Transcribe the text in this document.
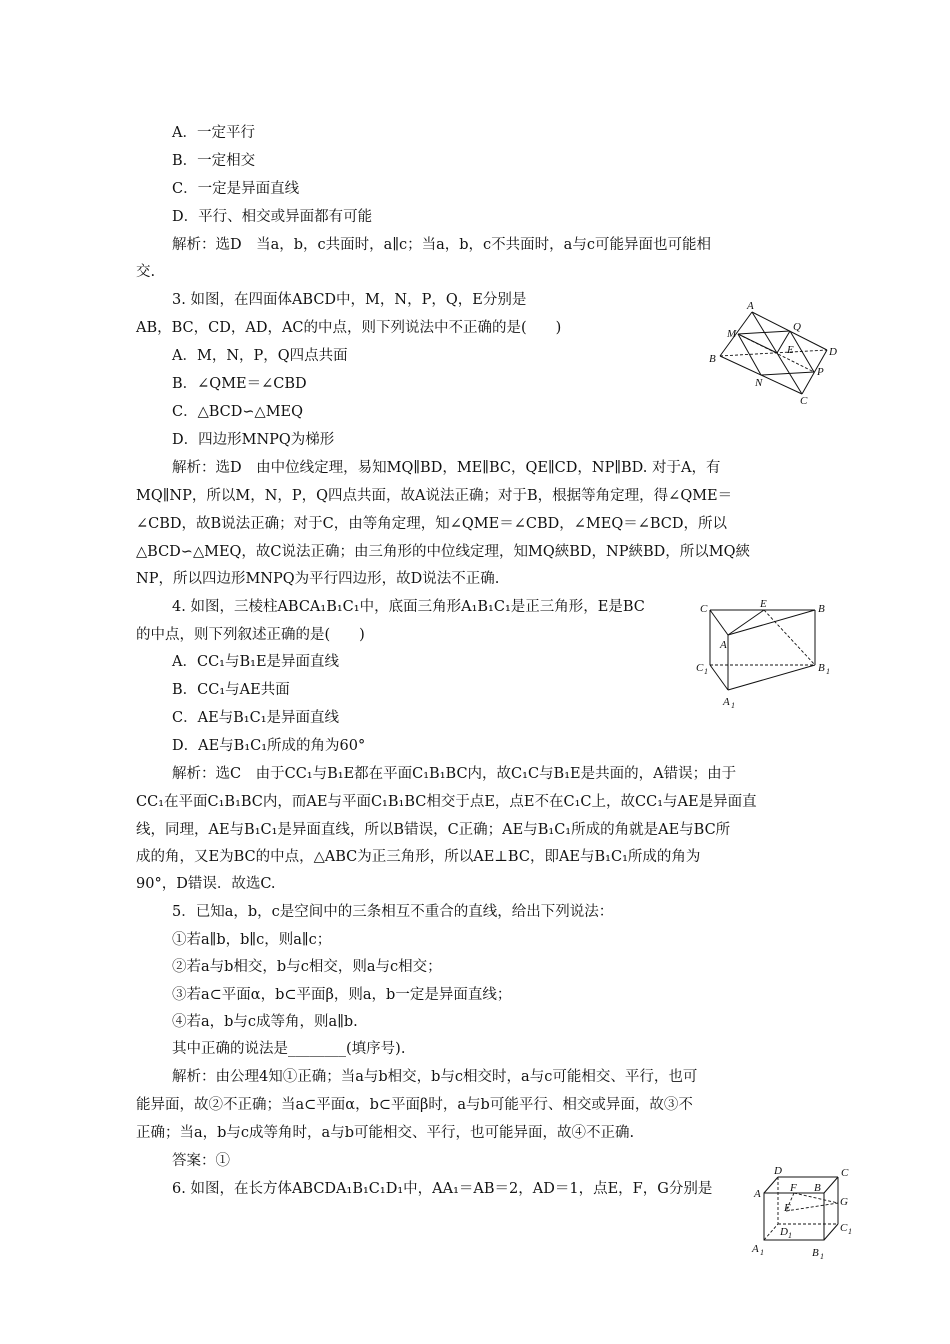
A．一定平行
B．一定相交
C．一定是异面直线
D．平行、相交或异面都有可能
解析：选D　当a，b，c共面时，a∥c；当a，b，c不共面时，a与c可能异面也可能相
交.
3. 如图，在四面体ABCD中，M，N，P，Q，E分别是
AB，BC，CD，AD，AC的中点，则下列说法中不正确的是(　　)
A．M，N，P，Q四点共面
B．∠QME＝∠CBD
C．△BCD∽△MEQ
D．四边形MNPQ为梯形
解析：选D　由中位线定理，易知MQ∥BD，ME∥BC，QE∥CD，NP∥BD. 对于A，有
MQ∥NP，所以M，N，P，Q四点共面，故A说法正确；对于B，根据等角定理，得∠QME＝
∠CBD，故B说法正确；对于C，由等角定理，知∠QME＝∠CBD，∠MEQ＝∠BCD，所以
△BCD∽△MEQ，故C说法正确；由三角形的中位线定理，知MQ綊BD，NP綊BD，所以MQ綊
NP，所以四边形MNPQ为平行四边形，故D说法不正确.
A
M
Q
E	D
B
P
N
C
4. 如图，三棱柱ABCA₁B₁C₁中，底面三角形A₁B₁C₁是正三角形，E是BC
的中点，则下列叙述正确的是(　　)
A．CC₁与B₁E是异面直线
B．CC₁与AE共面
C．AE与B₁C₁是异面直线
D．AE与B₁C₁所成的角为60°
解析：选C　由于CC₁与B₁E都在平面C₁B₁BC内，故C₁C与B₁E是共面的，A错误；由于
CC₁在平面C₁B₁BC内，而AE与平面C₁B₁BC相交于点E，点E不在C₁C上，故CC₁与AE是异面直
线，同理，AE与B₁C₁是异面直线，所以B错误，C正确；AE与B₁C₁所成的角就是AE与BC所
成的角，又E为BC的中点，△ABC为正三角形，所以AE⊥BC，即AE与B₁C₁所成的角为
90°，D错误．故选C.
C	E	B
A
C 1	B 1
A 1
5．已知a，b，c是空间中的三条相互不重合的直线，给出下列说法：
①若a∥b，b∥c，则a∥c；
②若a与b相交，b与c相交，则a与c相交；
③若a⊂平面α，b⊂平面β，则a，b一定是异面直线；
④若a，b与c成等角，则a∥b.
其中正确的说法是________(填序号).
解析：由公理4知①正确；当a与b相交，b与c相交时，a与c可能相交、平行，也可
能异面，故②不正确；当a⊂平面α，b⊂平面β时，a与b可能平行、相交或异面，故③不
正确；当a，b与c成等角时，a与b可能相交、平行，也可能异面，故④不正确.
答案：①
6. 如图，在长方体ABCDA₁B₁C₁D₁中，AA₁＝AB＝2，AD＝1，点E，F，G分别是
D	C
A	F B
G
E
D 1
C 1
A 1	B 1
